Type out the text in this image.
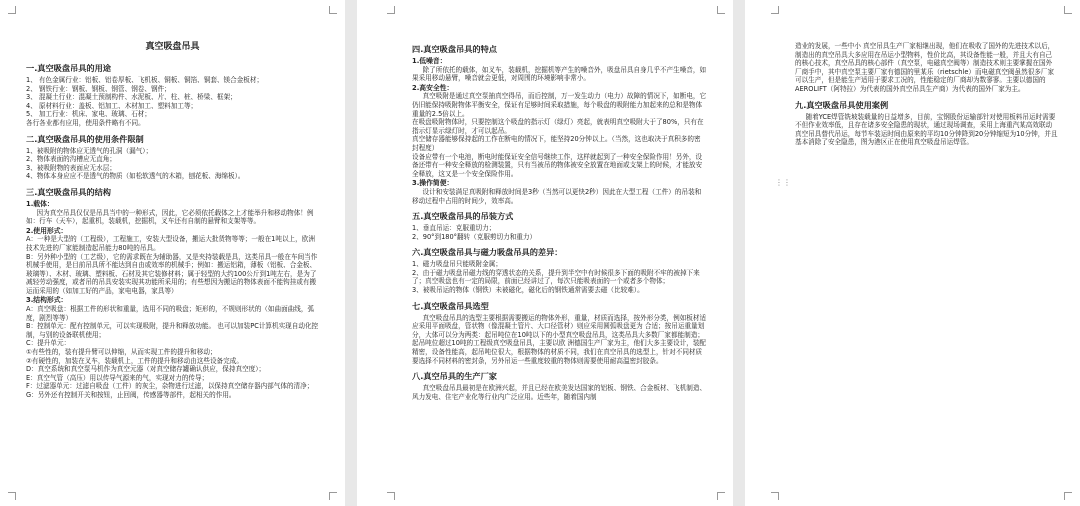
真空吸盘吊具
一.真空吸盘吊具的用途

1、 有色金属行业：铝板、铝卷厚板、飞机板、铜板、铜箔、铜套、镁合金板材；

2、 钢铁行业：钢板、钢板、钢管、钢卷、钢件；

3、 混凝土行业：混凝土预制构件、水泥板、片、柱、桩、桥梁、框架；

4、 原材料行业：盖板、铝加工、木材加工、塑料加工等；

5、 加工行业：机床、家电、玻璃、石材；

各行各业都有应用，使用条件略有不同。

二.真空吸盘吊具的使用条件限制

1、被吸附的物体应无透气的孔洞（漏气）；

2、物体表面的沟槽应无直角；

3、被吸附物的表面应无水层；

4、物体本身应应不是透气的物质（如松软透气的木箱，刨花板、海绵板）。

三.真空吸盘吊具的结构
1.载体：

因为真空吊具仅仅是吊具当中的一种形式，因此，它必须依托载体之上才能举升和移动物体！例如：行车（天车），起重机，装载机，挖掘机，叉车还有自制的悬臂和支架等等。

2.使用形式：

A：一种是大型的（工程级），工程施工，安装大型设备，搬运大批货物等等；一般在1吨以上，欧洲技术先进的厂家能制造起吊能力80吨的吊具。

B：另外种小型的（工艺级），它的需求既在为辅助器，又是夹持装载是具，这类吊具一般在车间当作机械手使用，是目前吊具所不能达到自由或效率的机械手；例如：搬运铝箱，薄板（铝板、合金板、玻璃等）、木材、玻璃、塑料板、石材及其它装修材料；属于轻型的大约100公斤到1吨左右，是为了减轻劳动强度，或者吊的吊具安装实现其功能所采用的；有些想因为搬运的物体表面不能钩挂或有搬运而采用的（如加工好的产品，家电电器，家具等）

3.结构形式：

A：真空吸盘：根据工件的形状和重量，选用不同的吸盘；矩形的，不规则形状的（如曲面曲线，弧度，剧烈等等）

B：控制单元：配有控制单元，可以实现吸附，提升和释放功能。 也可以加装PC计算机实现自动化控制，与别的设备联机使用；

C：提升单元：

①有些性的，装有提升臂可以伸缩，从而实现工件的提升和移动；

②有硬性的，加装在叉车，装载机上，工件的提升和移动由这些设备完成。

D：真空系统和真空泵马机作为真空元器（对真空储存罐确认供应，保持真空度）；

E：真空气管（高压）用以传导气源来的气，实现对力的传导；

F：过滤器单元：过滤自吸盘（工件）的灰尘，杂物进行过滤，以保持真空储存器内部气体的清净；

G：另外还有控制开关和按钮，止回阀，传感器等部件，起相关的作用。

四.真空吸盘吊具的特点
1.低噪音：

除了所依托的载体，如叉车，装载机，挖掘机等产生的噪音外，吸盘吊具自身几乎不产生噪音，如果采用移动悬臂，噪音就会更低，对周围的环境影响非常小。

2.高安全性：

真空吸附是通过真空泵抽真空得吊，而后控制，万一发生动力（电力）故障的情况下，如断电，它仍旧能保持吸附物体平衡安全，保证有足够时间采取措施，每个吸盘的吸附能力加起来的总和是物体重量的2.5倍以上。

在吸盘吸附物体时，只要控制这个吸盘的指示灯（绿灯）亮起，就表明真空吸附大于了80%，只有在指示灯显示绿灯时，才可以起吊。

真空储存器能够保持起的工作在断电的情况下，能坚持20分钟以上。（当然，这也取决于真积多的密封程度）

设备应带有一个电池，断电时能保证安全信号继续工作，这样就起到了一种安全保险作用！另外，设备还带有一种安全释放的检测装置，只有当被吊的物体被安全放置在地面或支架上的时候，才能放安全释放，这又是一个安全保险作用。

3.操作简便：

设计和安装满足真吸附和释放时间是3秒（当然可以更快2秒）因此在大型工程（工件）的吊装和移动过程中占用的时间少，效率高。

五.真空吸盘吊具的吊装方式

1、垂直吊运：克服重切力；

2、90°到180°翻转（克服剪切力和重力）

六.真空吸盘吊具与磁力吸盘吊具的差异：

1、磁力吸盘吊只能吸附金属；

2、由于磁力吸盘吊磁力线的穿透状态的关系，提升到半空中有时候很多下面的吸附不牢的被掉下来了；真空吸盘也有一定的局限，前面已经讲过了，每次只能吸表面的一个或者多个物体；

3、被吸吊运的物体（钢铁）未被磁化，磁化后的钢铁通常需要去磁（比较难）。

七.真空吸盘吊具选型

真空吸盘吊具的选型主要根据需要搬运的物体外形，重量，材质而选择，按外形分类，例如板材适应采用平面吸盘，管状物（像混凝土管片、大口径管材）则应采用圆弧吸盘更为 合适；按吊运重量划分，大体可以分为两类：起吊吨位在10吨以下的小型真空吸盘吊具，这类吊具大多数厂家都能制造；起吊吨位超过10吨的工程级真空吸盘吊具，主要以欧 洲德国生产厂家为主，他们大多主要设计，装配精密，设备性能高，起吊吨位很大，根据物体的材质不同，我们在真空吊具的选型上，针对不同材质要选择不同材料的密封条，另外吊运一些重度较重的物体则需要使用耐高温密封胶条。

八.真空吊具的生产厂家

真空吸盘吊具最初是在欧洲兴起，并且已经在欧美发达国家的铝板、钢铁、合金板材、飞机制造、风力发电、住宅产业化等行业内广泛应用。近些年，随着国内制

造业的发展，一些中小 真空吊具生产厂家相继出现，他们在吸收了国外的先进技术以后，制造出的真空吊具大多应用在吊运小型物料，性价比高，其设备性能一般，并且大有自己的核心技术，真空吊具的核心部件（真空泵，电磁真空阀等）制造技术则主要掌握在国外厂商手中，其中真空泵主要厂家有德国的里某乐（rietschle）而电磁真空阀虽然很多厂家可以生产，但是能生产适用于要求工况的，性能稳定的厂商却为数寥寥。主要以德国的AEROLIFT（阿特拉）为代表的国外真空吊具生产商）为代表的国外厂家为主。

九.真空吸盘吊具使用案例

随着YCE焊管铣坡装载量的日益增多，目前，宝钢股份运输部针对使用板料吊运时需要不但作业效率低，且存在诸多安全隐患的现状，通过现场调查，采用上海重汽某高效联动真空吊具替代吊运，每节车装运时间由原来的平均10分钟降到20分钟缩短为10分钟，并且基本消除了安全隐患，图为港区正在使用真空吸盘吊运焊管。

⋮⋮
